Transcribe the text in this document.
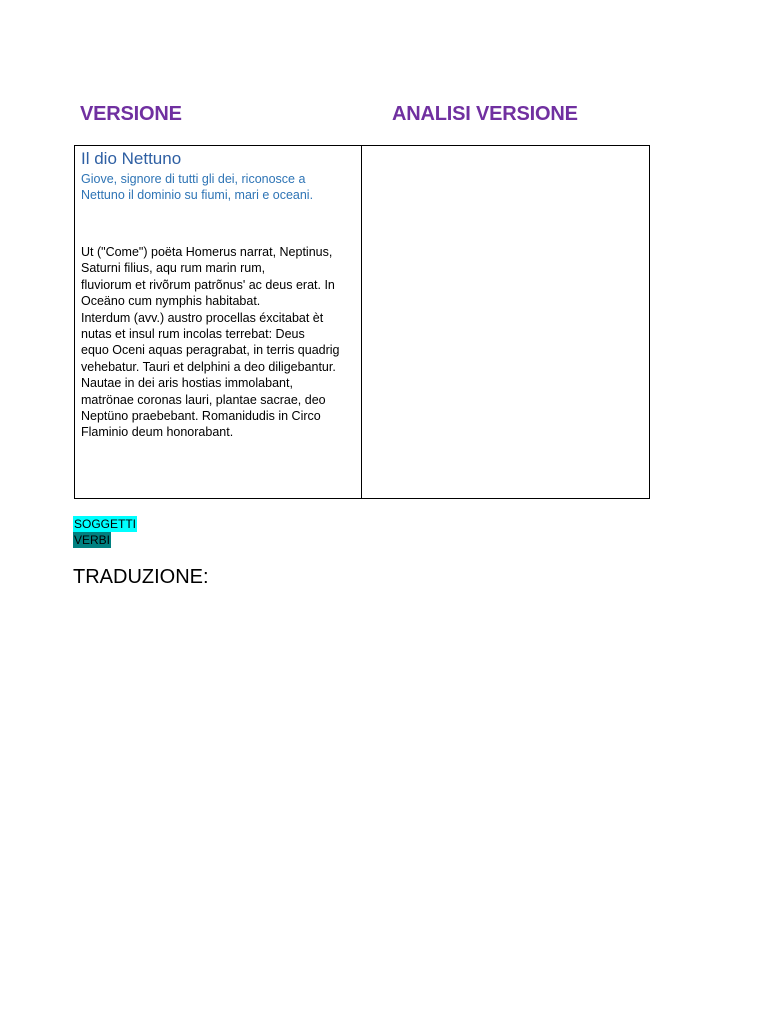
VERSIONE	ANALISI VERSIONE
Il dio Nettuno
Giove, signore di tutti gli dei, riconosce a
Nettuno il dominio su fiumi, mari e oceani.
Ut ("Come") poëta Homerus narrat, Neptinus,
Saturni filius, aqu rum marin rum,
fluviorum et rivõrum patrõnus' ac deus erat. In
Oceäno cum nymphis habitabat.
Interdum (avv.) austro procellas éxcitabat èt
nutas et insul rum incolas terrebat: Deus
equo Oceni aquas peragrabat, in terris quadrig
vehebatur. Tauri et delphini a deo diligebantur.
Nautae in dei aris hostias immolabant,
matrönae coronas lauri, plantae sacrae, deo
Neptüno praebebant. Romanidudis in Circo
Flaminio deum honorabant.
SOGGETTI
VERBI
TRADUZIONE:
